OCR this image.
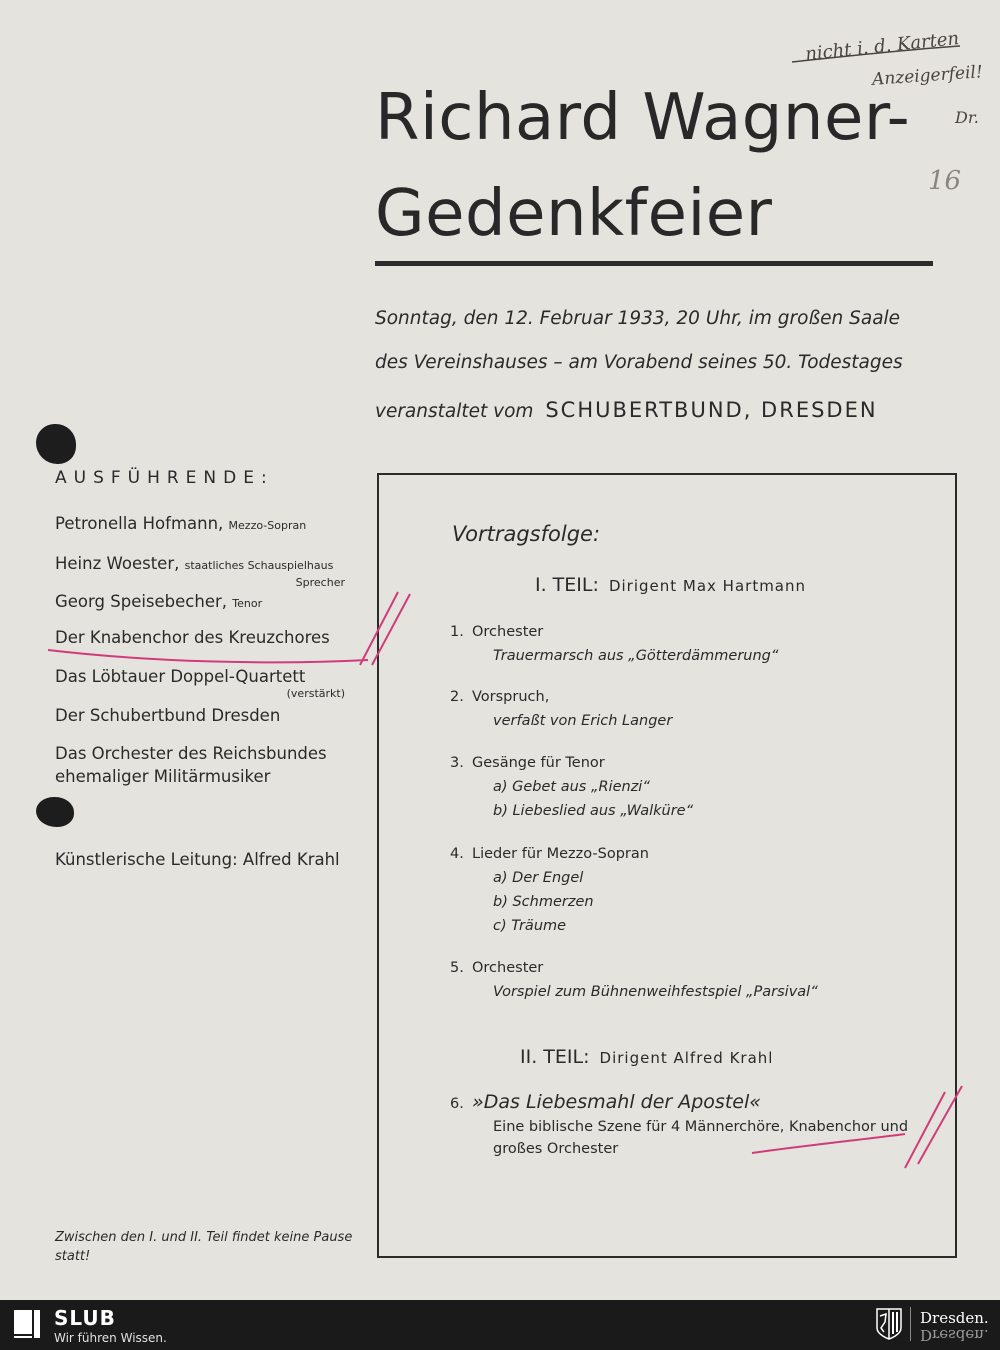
Richard Wagner-
Gedenkfeier
Sonntag, den 12. Februar 1933, 20 Uhr, im großen Saale
des Vereinshauses – am Vorabend seines 50. Todestages
veranstaltet vom SCHUBERTBUND, DRESDEN
AUSFÜHRENDE:
Petronella Hofmann, Mezzo-Sopran
Heinz Woester, staatliches Schauspielhaus
Sprecher
Georg Speisebecher, Tenor
Der Knabenchor des Kreuzchores
Das Löbtauer Doppel-Quartett
(verstärkt)
Der Schubertbund Dresden
Das Orchester des Reichsbundes ehemaliger Militärmusiker
Künstlerische Leitung: Alfred Krahl
Zwischen den I. und II. Teil findet keine Pause statt!
Vortragsfolge:
I. TEIL: Dirigent Max Hartmann
1. Orchester
Trauermarsch aus „Götterdämmerung“
2. Vorspruch,
verfaßt von Erich Langer
3. Gesänge für Tenor
a) Gebet aus „Rienzi“
b) Liebeslied aus „Walküre“
4. Lieder für Mezzo-Sopran
a) Der Engel
b) Schmerzen
c) Träume
5. Orchester
Vorspiel zum Bühnenweihfestspiel „Parsival“
II. TEIL: Dirigent Alfred Krahl
6. »Das Liebesmahl der Apostel«
Eine biblische Szene für 4 Männerchöre, Knabenchor und
großes Orchester
nicht i. d. Karten
Anzeigerfeil!
Dr.
16
SLUB
Wir führen Wissen.
Dresden.
Dresden.
